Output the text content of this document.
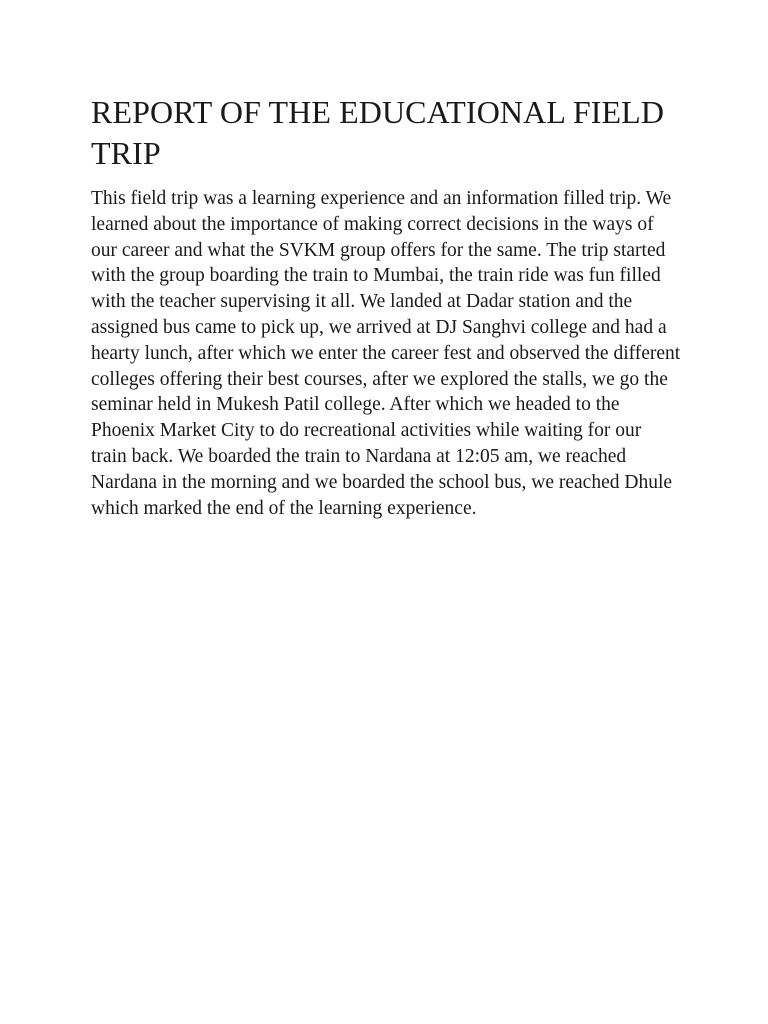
REPORT OF THE EDUCATIONAL FIELD TRIP

This field trip was a learning experience and an information filled trip. We learned about the importance of making correct decisions in the ways of our career and what the SVKM group offers for the same. The trip started with the group boarding the train to Mumbai, the train ride was fun filled with the teacher supervising it all. We landed at Dadar station and the assigned bus came to pick up, we arrived at DJ Sanghvi college and had a hearty lunch, after which we enter the career fest and observed the different colleges offering their best courses, after we explored the stalls, we go the seminar held in Mukesh Patil college. After which we headed to the Phoenix Market City to do recreational activities while waiting for our train back. We boarded the train to Nardana at 12:05 am, we reached Nardana in the morning and we boarded the school bus, we reached Dhule which marked the end of the learning experience.
